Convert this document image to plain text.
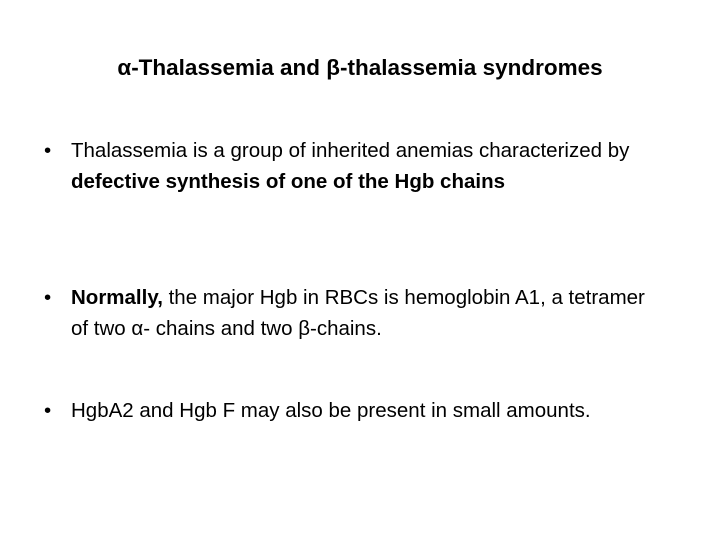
α-Thalassemia and β-thalassemia syndromes
• Thalassemia is a group of inherited anemias characterized by defective synthesis of one of the Hgb chains
• Normally, the major Hgb in RBCs is hemoglobin A1, a tetramer of two α- chains and two β-chains.
• HgbA2 and Hgb F may also be present in small amounts.
